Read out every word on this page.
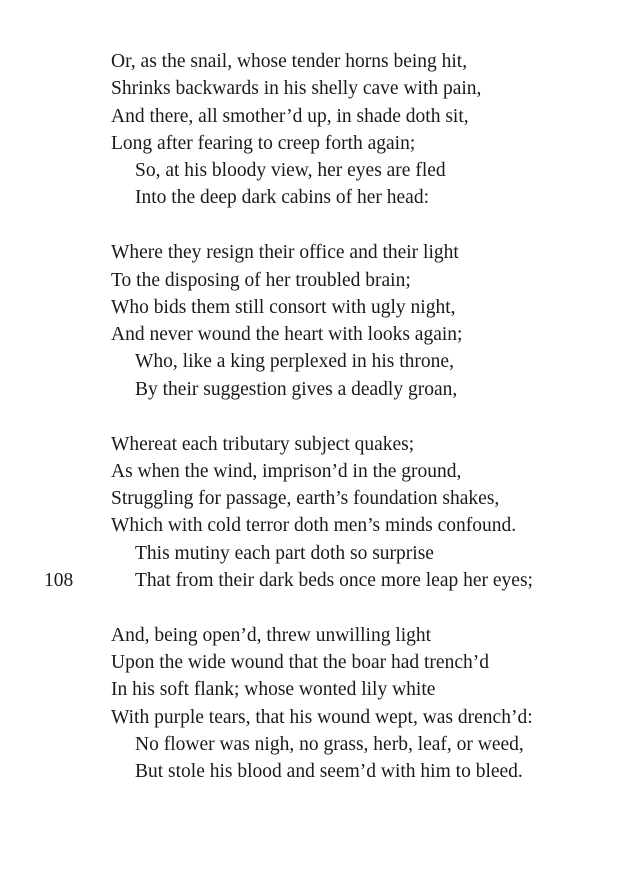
Or, as the snail, whose tender horns being hit,
Shrinks backwards in his shelly cave with pain,
And there, all smother’d up, in shade doth sit,
Long after fearing to creep forth again;
So, at his bloody view, her eyes are fled
Into the deep dark cabins of her head:
Where they resign their office and their light
To the disposing of her troubled brain;
Who bids them still consort with ugly night,
And never wound the heart with looks again;
Who, like a king perplexed in his throne,
By their suggestion gives a deadly groan,
Whereat each tributary subject quakes;
As when the wind, imprison’d in the ground,
Struggling for passage, earth’s foundation shakes,
Which with cold terror doth men’s minds confound.
This mutiny each part doth so surprise
108	That from their dark beds once more leap her eyes;
And, being open’d, threw unwilling light
Upon the wide wound that the boar had trench’d
In his soft flank; whose wonted lily white
With purple tears, that his wound wept, was drench’d:
No flower was nigh, no grass, herb, leaf, or weed,
But stole his blood and seem’d with him to bleed.
